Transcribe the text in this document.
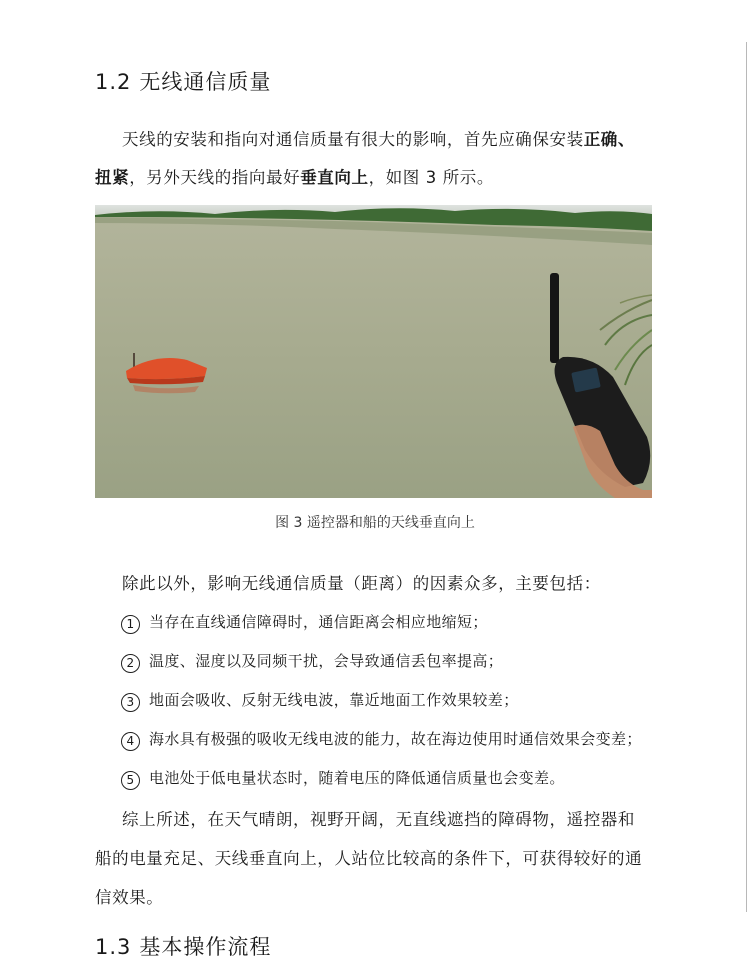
1.2 无线通信质量
天线的安装和指向对通信质量有很大的影响，首先应确保安装正确、
扭紧，另外天线的指向最好垂直向上，如图 3 所示。
图 3 遥控器和船的天线垂直向上
除此以外，影响无线通信质量（距离）的因素众多，主要包括：
1 当存在直线通信障碍时，通信距离会相应地缩短；
2 温度、湿度以及同频干扰，会导致通信丢包率提高；
3 地面会吸收、反射无线电波，靠近地面工作效果较差；
4 海水具有极强的吸收无线电波的能力，故在海边使用时通信效果会变差；
5 电池处于低电量状态时，随着电压的降低通信质量也会变差。
综上所述，在天气晴朗，视野开阔，无直线遮挡的障碍物，遥控器和
船的电量充足、天线垂直向上，人站位比较高的条件下，可获得较好的通
信效果。
1.3 基本操作流程
